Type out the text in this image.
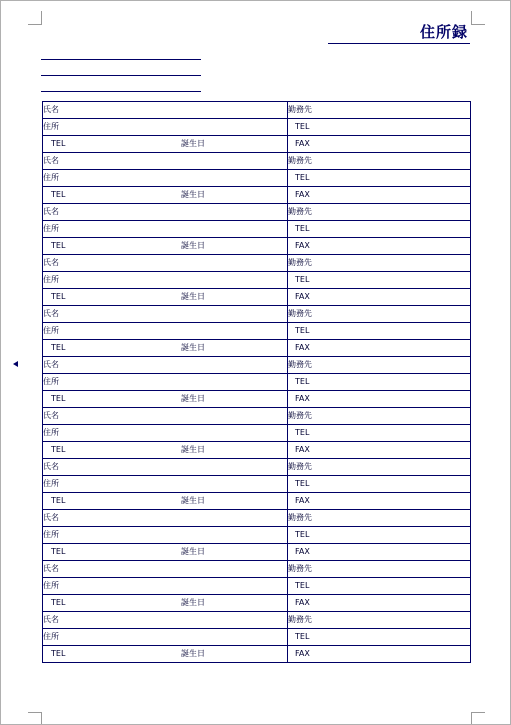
住所録
氏名	勤務先
住所	TEL
TEL 誕生日	FAX
氏名	勤務先
住所	TEL
TEL 誕生日	FAX
氏名	勤務先
住所	TEL
TEL 誕生日	FAX
氏名	勤務先
住所	TEL
TEL 誕生日	FAX
氏名	勤務先
住所	TEL
TEL 誕生日	FAX
氏名	勤務先
住所	TEL
TEL 誕生日	FAX
氏名	勤務先
住所	TEL
TEL 誕生日	FAX
氏名	勤務先
住所	TEL
TEL 誕生日	FAX
氏名	勤務先
住所	TEL
TEL 誕生日	FAX
氏名	勤務先
住所	TEL
TEL 誕生日	FAX
氏名	勤務先
住所	TEL
TEL 誕生日	FAX
